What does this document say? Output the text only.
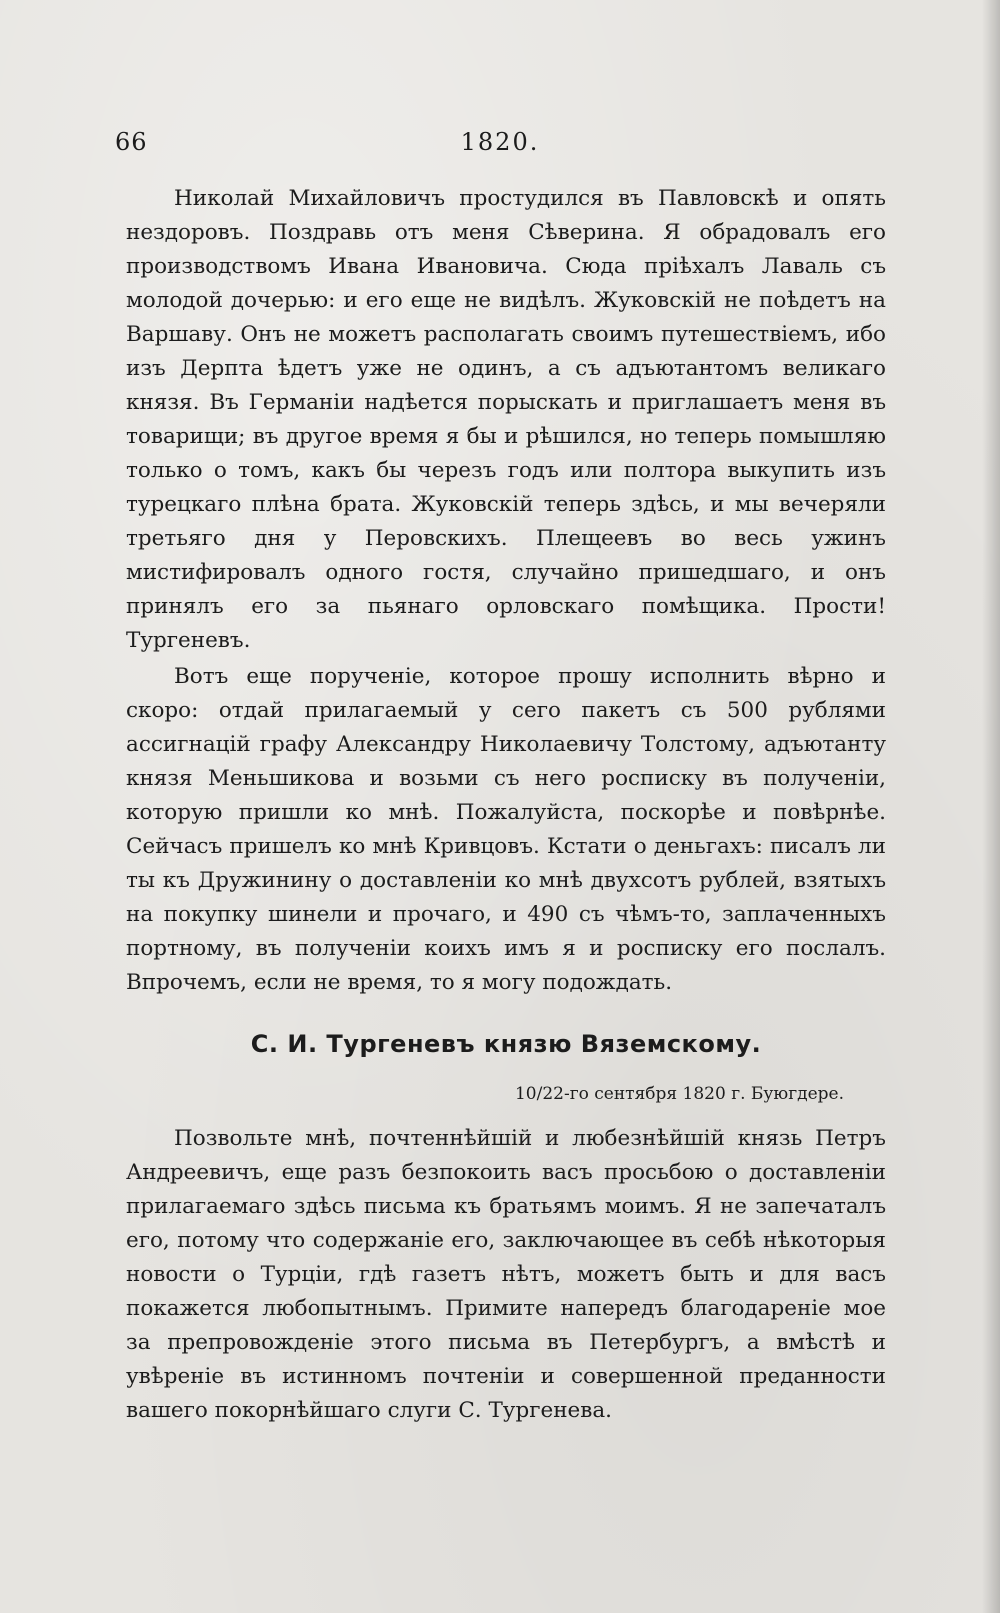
66	1820.

Николай Михайловичъ простудился въ Павловскѣ и опять нездоровъ. Поздравь отъ меня Сѣверина. Я обрадовалъ его производствомъ Ивана Ивановича. Сюда прiѣхалъ Лаваль съ молодой дочерью: и его еще не видѣлъ. Жуковскiй не поѣдетъ на Варшаву. Онъ не можетъ располагать своимъ путешествiемъ, ибо изъ Дерпта ѣдетъ уже не одинъ, а съ адъютантомъ великаго князя. Въ Германiи надѣется порыскать и приглашаетъ меня въ товарищи; въ другое время я бы и рѣшился, но теперь помышляю только о томъ, какъ бы черезъ годъ или полтора выкупить изъ турецкаго плѣна брата. Жуковскiй теперь здѣсь, и мы вечеряли третьяго дня у Перовскихъ. Плещеевъ во весь ужинъ мистифировалъ одного гостя, случайно пришедшаго, и онъ принялъ его за пьянаго орловскаго помѣщика. Прости! Тургеневъ.

Вотъ еще порученiе, которое прошу исполнить вѣрно и скоро: отдай прилагаемый у сего пакетъ съ 500 рублями ассигнацiй графу Александру Николаевичу Толстому, адъютанту князя Меньшикова и возьми съ него росписку въ полученiи, которую пришли ко мнѣ. Пожалуйста, поскорѣе и повѣрнѣе. Сейчасъ пришелъ ко мнѣ Кривцовъ. Кстати о деньгахъ: писалъ ли ты къ Дружинину о доставленiи ко мнѣ двухсотъ рублей, взятыхъ на покупку шинели и прочаго, и 490 съ чѣмъ-то, заплаченныхъ портному, въ полученiи коихъ имъ я и росписку его послалъ. Впрочемъ, если не время, то я могу подождать.

С. И. Тургеневъ князю Вяземскому.
10/22-го сентября 1820 г. Буюгдере.

Позвольте мнѣ, почтеннѣйшiй и любезнѣйшiй князь Петръ Андреевичъ, еще разъ безпокоить васъ просьбою о доставленiи прилагаемаго здѣсь письма къ братьямъ моимъ. Я не запечаталъ его, потому что содержанiе его, заключающее въ себѣ нѣкоторыя новости о Турцiи, гдѣ газетъ нѣтъ, можетъ быть и для васъ покажется любопытнымъ. Примите напередъ благодаренiе мое за препровожденiе этого письма въ Петербургъ, а вмѣстѣ и увѣренiе въ истинномъ почтенiи и совершенной преданности вашего покорнѣйшаго слуги С. Тургенева.
